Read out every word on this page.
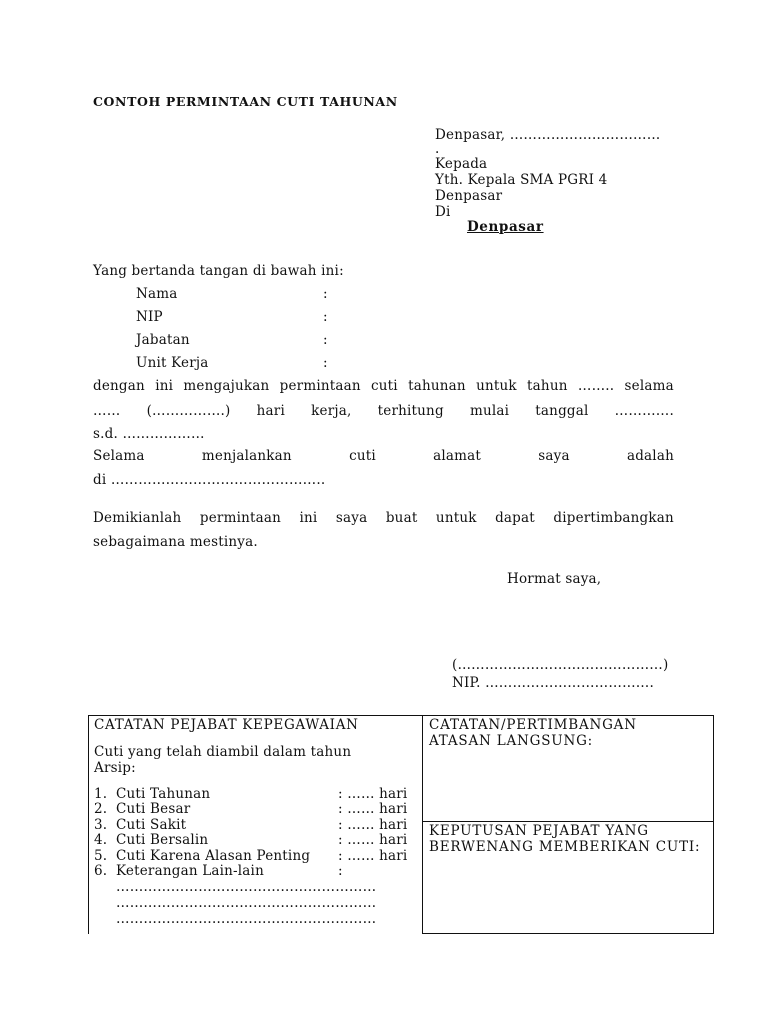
CONTOH PERMINTAAN CUTI TAHUNAN
Denpasar, ……………………………
.
Kepada
Yth. Kepala SMA PGRI 4
Denpasar
Di
Denpasar
Yang bertanda tangan di bawah ini:
Nama	:
NIP	:
Jabatan	:
Unit Kerja	:
dengan ini mengajukan permintaan cuti tahunan untuk tahun …….. selama
…… (…………….) hari kerja, terhitung mulai tanggal ………….
s.d. ………………
Selama	menjalankan	cuti	alamat	saya	adalah
di ………………………………………..
Demikianlah permintaan ini saya buat untuk dapat dipertimbangkan
sebagaimana mestinya.
Hormat saya,
(………………………………………)
NIP. ……………………………….
CATATAN PEJABAT KEPEGAWAIAN
Cuti yang telah diambil dalam tahun
Arsip:
1. Cuti Tahunan	: …… hari
2. Cuti Besar	: …… hari
3. Cuti Sakit	: …… hari
4. Cuti Bersalin	: …… hari
5. Cuti Karena Alasan Penting : …… hari
6. Keterangan Lain-lain	:
…………………………………………………
…………………………………………………
…………………………………………………
CATATAN/PERTIMBANGAN
ATASAN LANGSUNG:
KEPUTUSAN PEJABAT YANG
BERWENANG MEMBERIKAN CUTI:
